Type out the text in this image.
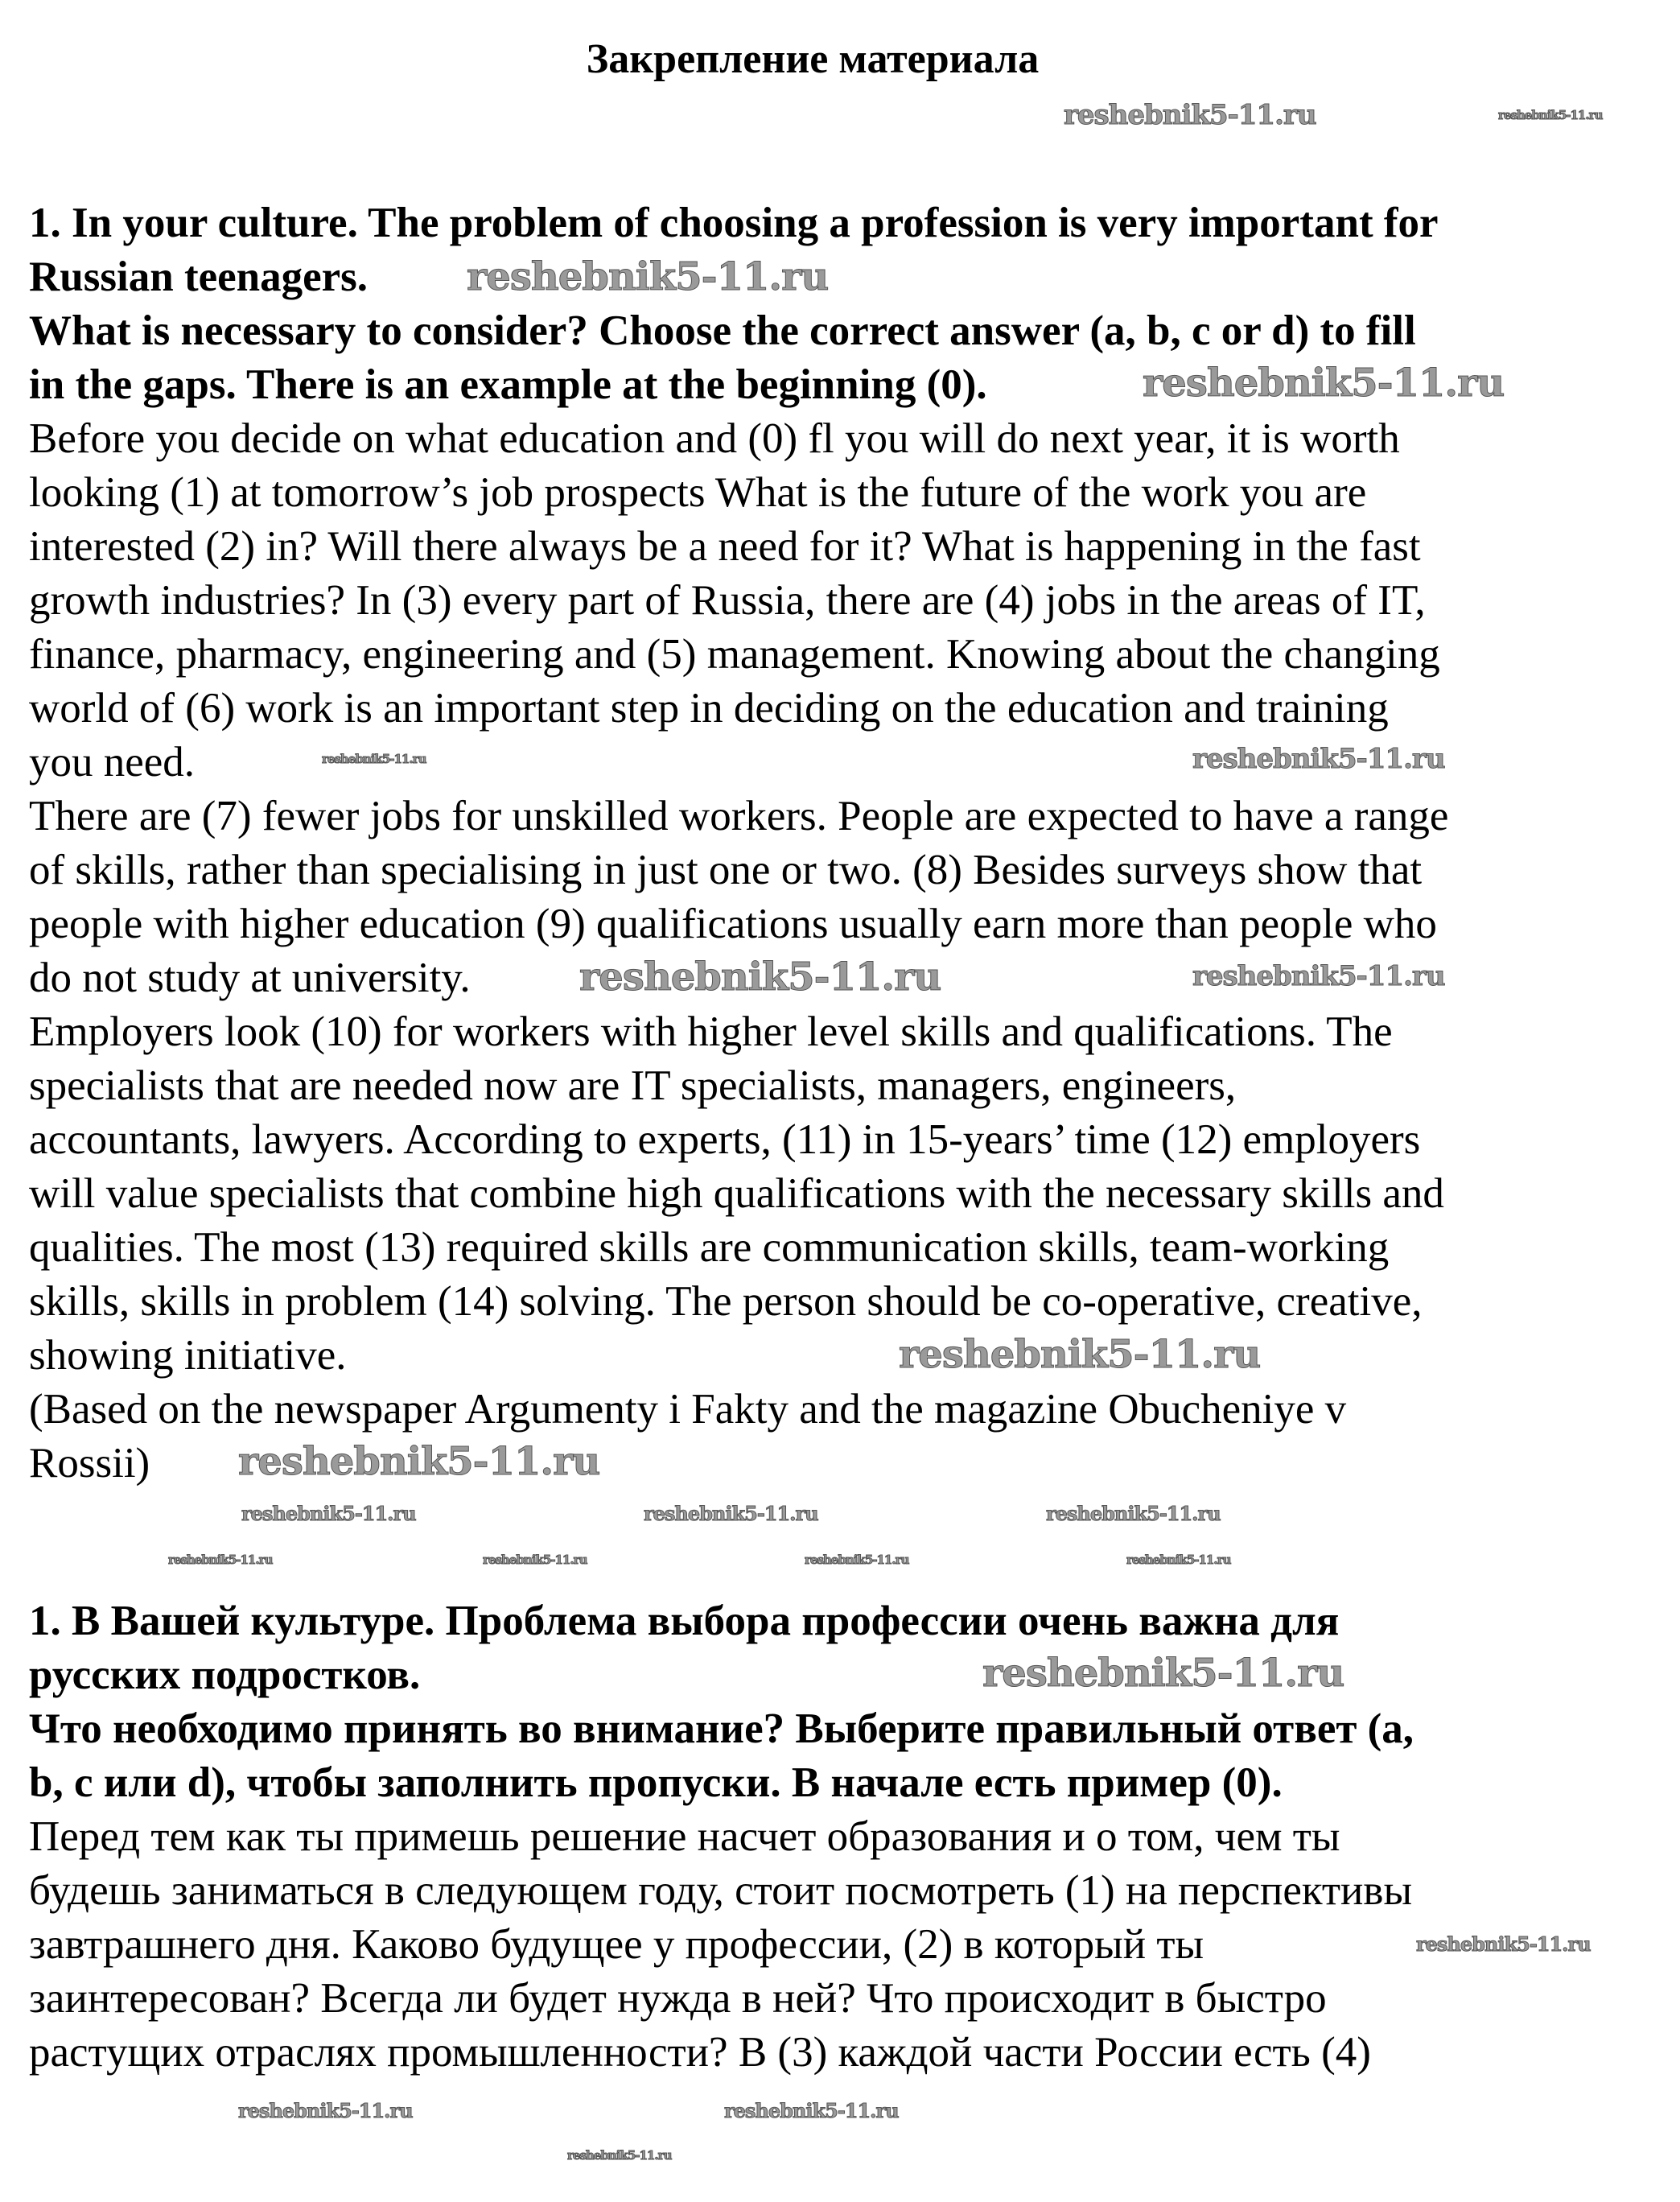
Закрепление материала
1. In your culture. The problem of choosing a profession is very important for
Russian teenagers.
What is necessary to consider? Choose the correct answer (a, b, c or d) to fill
in the gaps. There is an example at the beginning (0).
Before you decide on what education and (0) fl you will do next year, it is worth
looking (1) at tomorrow’s job prospects What is the future of the work you are
interested (2) in? Will there always be a need for it? What is happening in the fast
growth industries? In (3) every part of Russia, there are (4) jobs in the areas of IT,
finance, pharmacy, engineering and (5) management. Knowing about the changing
world of (6) work is an important step in deciding on the education and training
you need.
There are (7) fewer jobs for unskilled workers. People are expected to have a range
of skills, rather than specialising in just one or two. (8) Besides surveys show that
people with higher education (9) qualifications usually earn more than people who
do not study at university.
Employers look (10) for workers with higher level skills and qualifications. The
specialists that are needed now are IT specialists, managers, engineers,
accountants, lawyers. According to experts, (11) in 15-years’ time (12) employers
will value specialists that combine high qualifications with the necessary skills and
qualities. The most (13) required skills are communication skills, team-working
skills, skills in problem (14) solving. The person should be co-operative, creative,
showing initiative.
(Based on the newspaper Argumenty i Fakty and the magazine Obucheniye v
Rossii)
1. В Вашей культуре. Проблема выбора профессии очень важна для
русских подростков.
Что необходимо принять во внимание? Выберите правильный ответ (a,
b, c или d), чтобы заполнить пропуски. В начале есть пример (0).
Перед тем как ты примешь решение насчет образования и о том, чем ты
будешь заниматься в следующем году, стоит посмотреть (1) на перспективы
завтрашнего дня. Каково будущее у профессии, (2) в который ты
заинтересован? Всегда ли будет нужда в ней? Что происходит в быстро
растущих отраслях промышленности? В (3) каждой части России есть (4)
reshebnik5-11.ru	reshebnik5-11.ru
reshebnik5-11.ru
reshebnik5-11.ru
reshebnik5-11.ru	reshebnik5-11.ru
reshebnik5-11.ru	reshebnik5-11.ru
reshebnik5-11.ru
reshebnik5-11.ru
reshebnik5-11.ru	reshebnik5-11.ru	reshebnik5-11.ru
reshebnik5-11.ru	reshebnik5-11.ru	reshebnik5-11.ru	reshebnik5-11.ru
reshebnik5-11.ru
reshebnik5-11.ru
reshebnik5-11.ru	reshebnik5-11.ru
reshebnik5-11.ru
